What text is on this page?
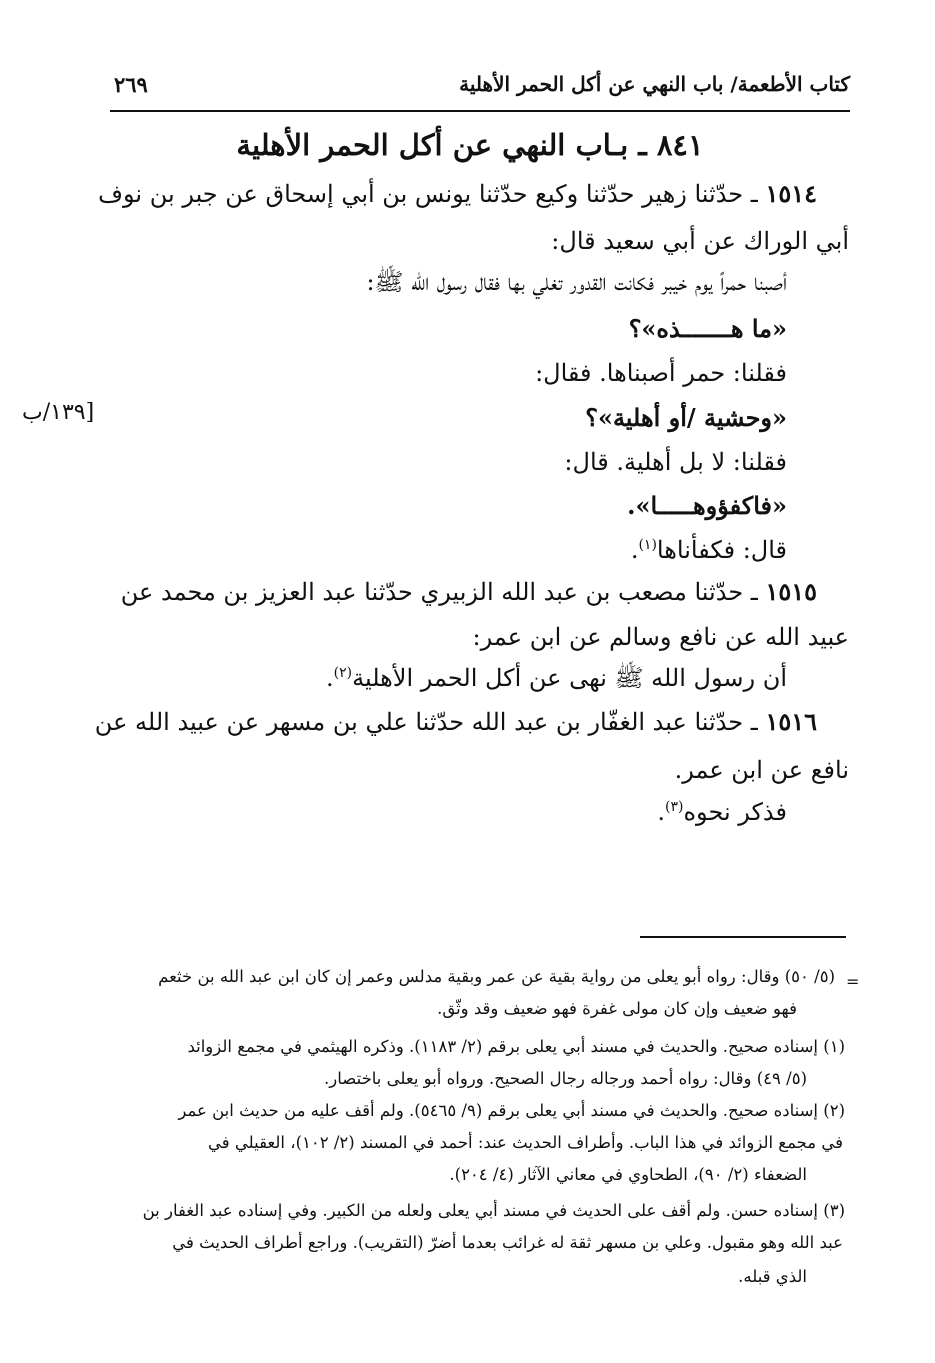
كتاب الأطعمة/ باب النهي عن أكل الحمر الأهلية
٢٦٩
٨٤١ ـ بـاب النهي عن أكل الحمر الأهلية
١٥١٤ ـ حدّثنا زهير حدّثنا وكيع حدّثنا يونس بن أبي إسحاق عن جبر بن نوف
أبي الوراك عن أبي سعيد قال:
أصبنا حمراً يوم خيبر فكانت القدور تغلي بها فقال رسول الله ﷺ:
«ما هـــــــذه»؟
فقلنا: حمر أصبناها. فقال:
«وحشية /أو أهلية»؟
فقلنا: لا بل أهلية. قال:
«فاكفؤوهـــــا».
قال: فكفأناها$^{(١)}$.
[١٣٩/ب
١٥١٥ ـ حدّثنا مصعب بن عبد الله الزبيري حدّثنا عبد العزيز بن محمد عن
عبيد الله عن نافع وسالم عن ابن عمر:
أن رسول الله ﷺ نهى عن أكل الحمر الأهلية$^{(٢)}$.
١٥١٦ ـ حدّثنا عبد الغفّار بن عبد الله حدّثنا علي بن مسهر عن عبيد الله عن
نافع عن ابن عمر.
فذكر نحوه$^{(٣)}$.
=
(٥/ ٥٠) وقال: رواه أبو يعلى من رواية بقية عن عمر وبقية مدلس وعمر إن كان ابن عبد الله بن خثعم
فهو ضعيف وإن كان مولى غفرة فهو ضعيف وقد وثّق.
(١) إسناده صحيح. والحديث في مسند أبي يعلى برقم (٢/ ١١٨٣). وذكره الهيثمي في مجمع الزوائد
(٥/ ٤٩) وقال: رواه أحمد ورجاله رجال الصحيح. ورواه أبو يعلى باختصار.
(٢) إسناده صحيح. والحديث في مسند أبي يعلى برقم (٩/ ٥٤٦٥). ولم أقف عليه من حديث ابن عمر
في مجمع الزوائد في هذا الباب. وأطراف الحديث عند: أحمد في المسند (٢/ ١٠٢)، العقيلي في
الضعفاء (٢/ ٩٠)، الطحاوي في معاني الآثار (٤/ ٢٠٤).
(٣) إسناده حسن. ولم أقف على الحديث في مسند أبي يعلى ولعله من الكبير. وفي إسناده عبد الغفار بن
عبد الله وهو مقبول. وعلي بن مسهر ثقة له غرائب بعدما أضرّ (التقريب). وراجع أطراف الحديث في
الذي قبله.
